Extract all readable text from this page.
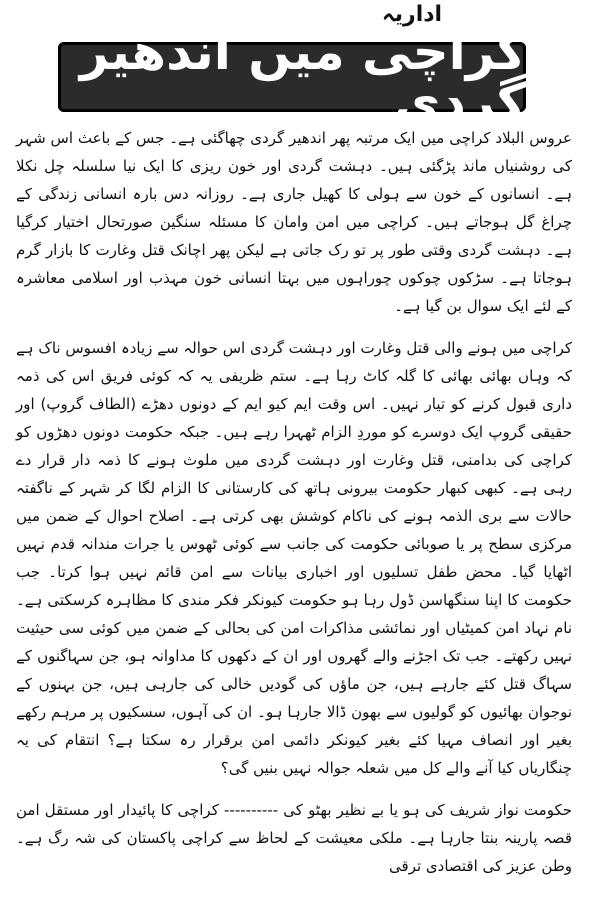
اداریہ
کراچی میں اندھیر گردی

عروس البلاد کراچی میں ایک مرتبہ پھر اندھیر گردی چھاگئی ہے۔ جس کے باعث اس شہر کی روشنیاں ماند پڑگئی ہیں۔ دہشت گردی اور خون ریزی کا ایک نیا سلسلہ چل نکلا ہے۔ انسانوں کے خون سے ہولی کا کھیل جاری ہے۔ روزانہ دس بارہ انسانی زندگی کے چراغ گل ہوجاتے ہیں۔ کراچی میں امن وامان کا مسئلہ سنگین صورتحال اختیار کرگیا ہے۔ دہشت گردی وقتی طور پر تو رک جاتی ہے لیکن پھر اچانک قتل وغارت کا بازار گرم ہوجاتا ہے۔ سڑکوں چوکوں چوراہوں میں بہتا انسانی خون مہذب اور اسلامی معاشرہ کے لئے ایک سوال بن گیا ہے۔

کراچی میں ہونے والی قتل وغارت اور دہشت گردی اس حوالہ سے زیادہ افسوس ناک ہے کہ وہاں بھائی بھائی کا گلہ کاٹ رہا ہے۔ ستم ظریفی یہ کہ کوئی فریق اس کی ذمہ داری قبول کرنے کو تیار نہیں۔ اس وقت ایم کیو ایم کے دونوں دھڑے (الطاف گروپ) اور حقیقی گروپ ایک دوسرے کو موردِ الزام ٹھہرا رہے ہیں۔ جبکہ حکومت دونوں دھڑوں کو کراچی کی بدامنی، قتل وغارت اور دہشت گردی میں ملوث ہونے کا ذمہ دار قرار دے رہی ہے۔ کبھی کبھار حکومت بیرونی ہاتھ کی کارستانی کا الزام لگا کر شہر کے ناگفتہ حالات سے بری الذمہ ہونے کی ناکام کوشش بھی کرتی ہے۔ اصلاح احوال کے ضمن میں مرکزی سطح پر یا صوبائی حکومت کی جانب سے کوئی ٹھوس یا جرات مندانہ قدم نہیں اٹھایا گیا۔ محض طفل تسلیوں اور اخباری بیانات سے امن قائم نہیں ہوا کرتا۔ جب حکومت کا اپنا سنگھاسن ڈول رہا ہو حکومت کیونکر فکر مندی کا مظاہرہ کرسکتی ہے۔ نام نہاد امن کمیٹیاں اور نمائشی مذاکرات امن کی بحالی کے ضمن میں کوئی سی حیثیت نہیں رکھتے۔ جب تک اجڑنے والے گھروں اور ان کے دکھوں کا مداوانہ ہو، جن سہاگنوں کے سہاگ قتل کئے جارہے ہیں، جن ماؤں کی گودیں خالی کی جارہی ہیں، جن بہنوں کے نوجوان بھائیوں کو گولیوں سے بھون ڈالا جارہا ہو۔ ان کی آہوں، سسکیوں پر مرہم رکھے بغیر اور انصاف مہیا کئے بغیر کیونکر دائمی امن برقرار رہ سکتا ہے؟ انتقام کی یہ چنگاریاں کیا آنے والے کل میں شعلہ جوالہ نہیں بنیں گی؟

حکومت نواز شریف کی ہو یا بے نظیر بھٹو کی ---------- کراچی کا پائیدار اور مستقل امن قصہ پارینہ بنتا جارہا ہے۔ ملکی معیشت کے لحاظ سے کراچی پاکستان کی شہ رگ ہے۔ وطن عزیز کی اقتصادی ترقی
